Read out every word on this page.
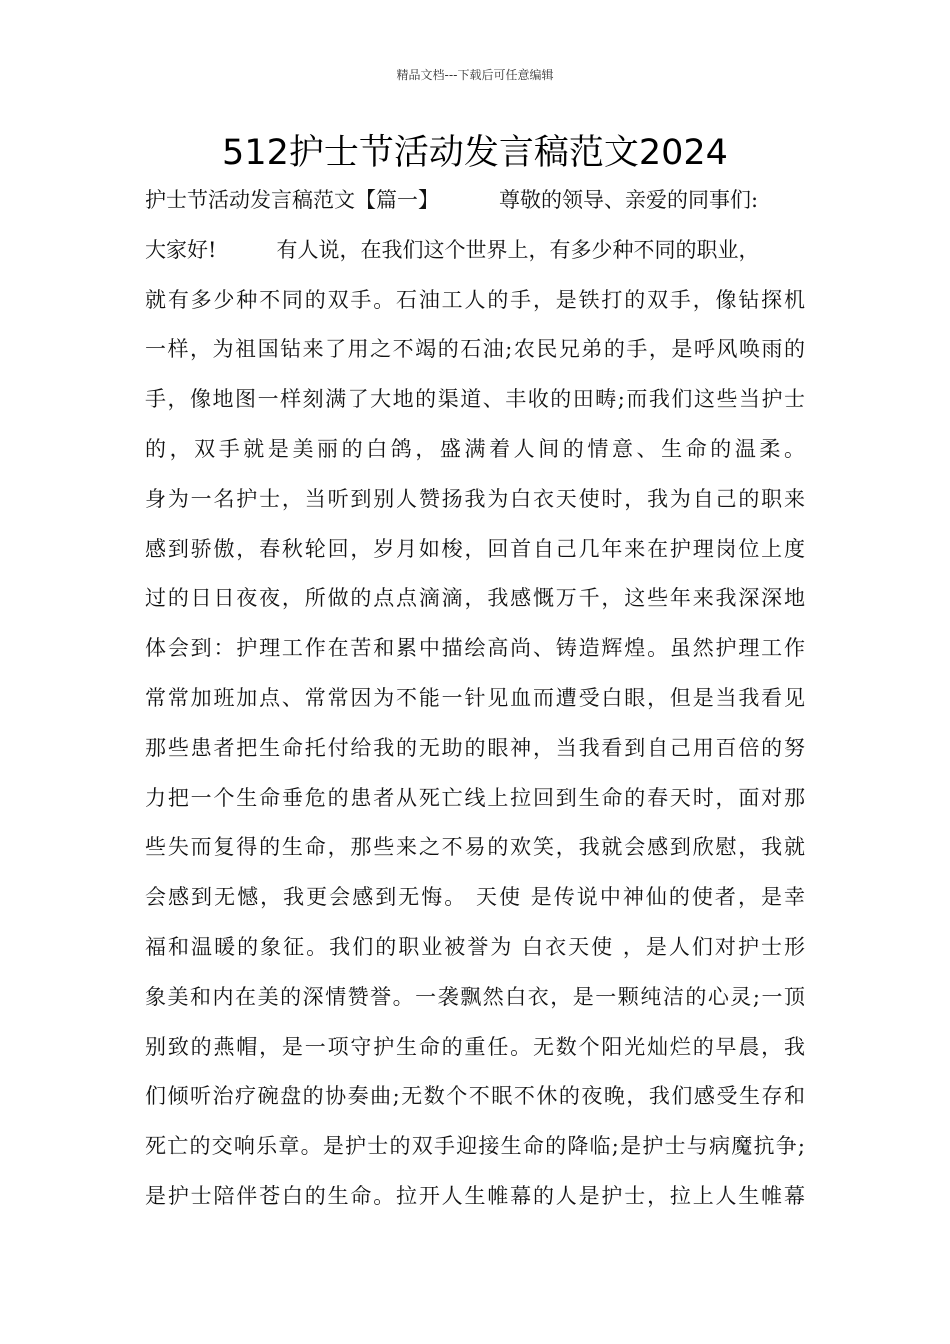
精品文档---下载后可任意编辑
512护士节活动发言稿范文2024
护士节活动发言稿范文【篇一】	尊敬的领导、亲爱的同事们:
大家好!	有人说，在我们这个世界上，有多少种不同的职业，
就有多少种不同的双手。石油工人的手，是铁打的双手，像钻探机
一样，为祖国钻来了用之不竭的石油;农民兄弟的手，是呼风唤雨的
手，像地图一样刻满了大地的渠道、丰收的田畴;而我们这些当护士
的，双手就是美丽的白鸽，盛满着人间的情意、生命的温柔。
身为一名护士，当听到别人赞扬我为白衣天使时，我为自己的职来
感到骄傲，春秋轮回，岁月如梭，回首自己几年来在护理岗位上度
过的日日夜夜，所做的点点滴滴，我感慨万千，这些年来我深深地
体会到：护理工作在苦和累中描绘高尚、铸造辉煌。虽然护理工作
常常加班加点、常常因为不能一针见血而遭受白眼，但是当我看见
那些患者把生命托付给我的无助的眼神，当我看到自己用百倍的努
力把一个生命垂危的患者从死亡线上拉回到生命的春天时，面对那
些失而复得的生命，那些来之不易的欢笑，我就会感到欣慰，我就
会感到无憾，我更会感到无悔。 天使 是传说中神仙的使者，是幸
福和温暖的象征。我们的职业被誉为 白衣天使 ，是人们对护士形
象美和内在美的深情赞誉。一袭飘然白衣，是一颗纯洁的心灵;一顶
别致的燕帽，是一项守护生命的重任。无数个阳光灿烂的早晨，我
们倾听治疗碗盘的协奏曲;无数个不眠不休的夜晚，我们感受生存和
死亡的交响乐章。是护士的双手迎接生命的降临;是护士与病魔抗争;
是护士陪伴苍白的生命。拉开人生帷幕的人是护士，拉上人生帷幕
